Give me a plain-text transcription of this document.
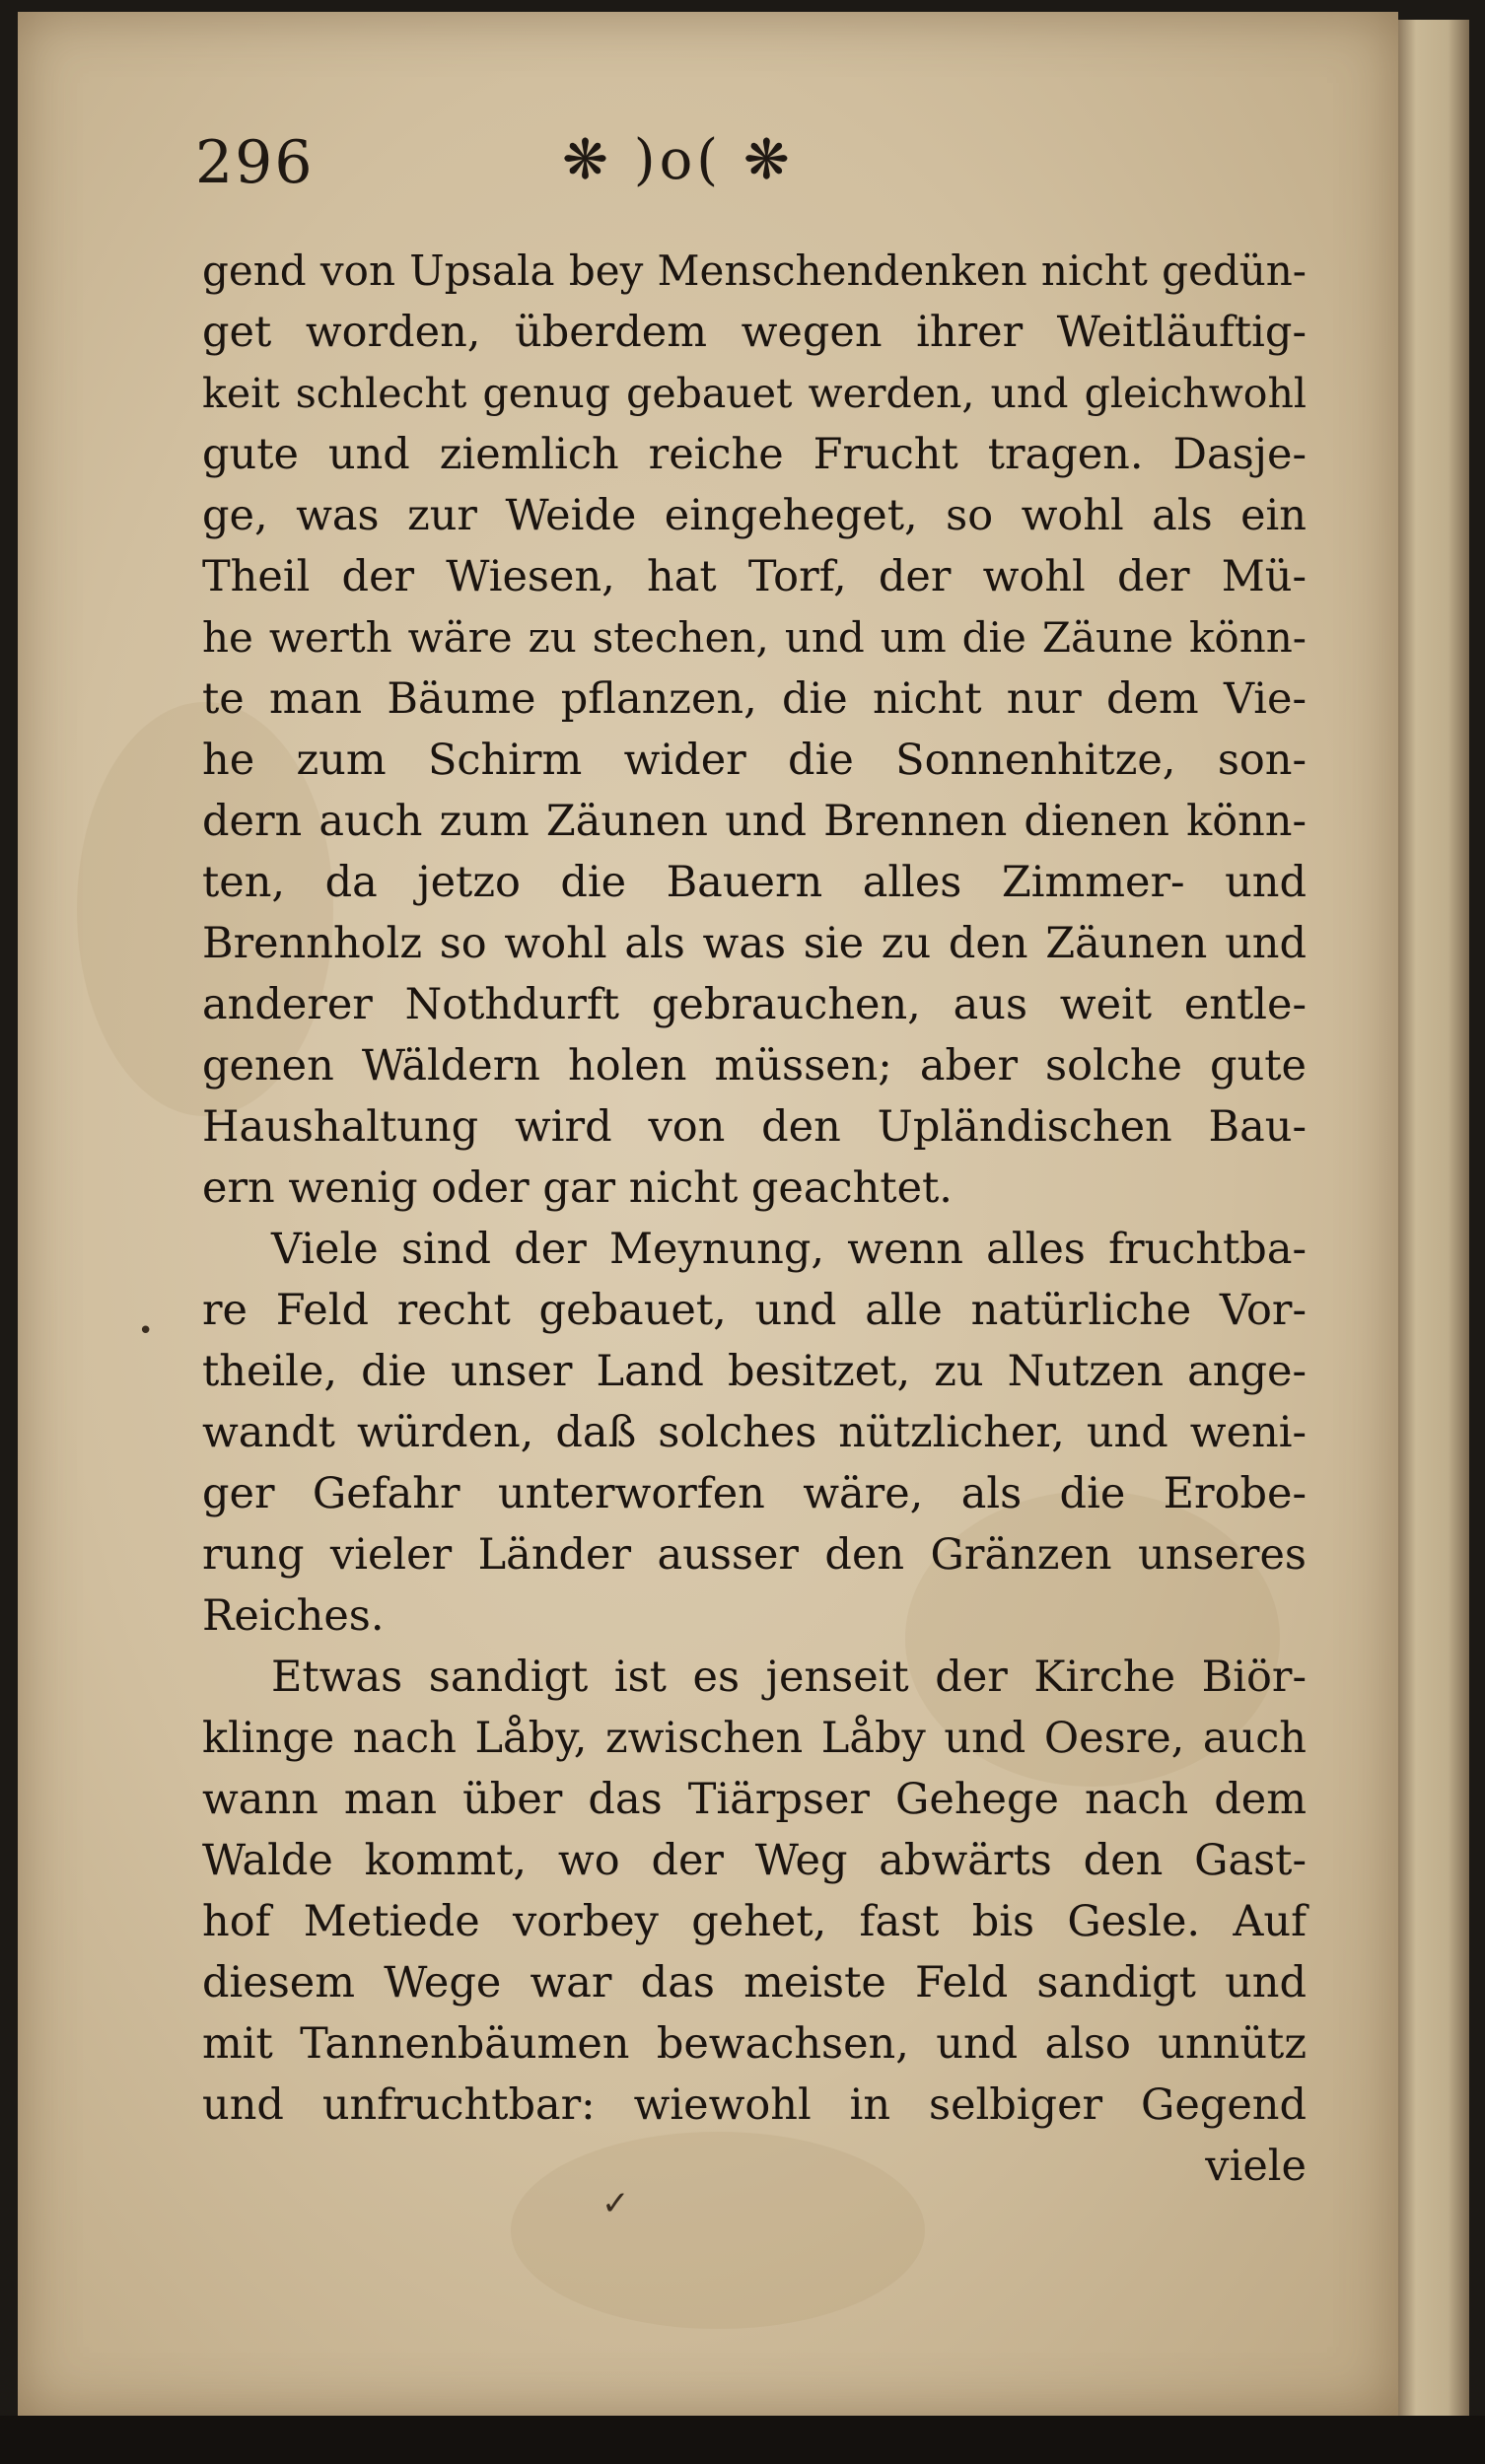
296	❋ )o( ❋
gend von Upsala bey Menschendenken nicht gedün-
get worden, überdem wegen ihrer Weitläuftig-
keit schlecht genug gebauet werden, und gleichwohl
gute und ziemlich reiche Frucht tragen. Dasje-
ge, was zur Weide eingeheget, so wohl als ein
Theil der Wiesen, hat Torf, der wohl der Mü-
he werth wäre zu stechen, und um die Zäune könn-
te man Bäume pflanzen, die nicht nur dem Vie-
he zum Schirm wider die Sonnenhitze, son-
dern auch zum Zäunen und Brennen dienen könn-
ten, da jetzo die Bauern alles Zimmer- und
Brennholz so wohl als was sie zu den Zäunen und
anderer Nothdurft gebrauchen, aus weit entle-
genen Wäldern holen müssen; aber solche gute
Haushaltung wird von den Upländischen Bau-
ern wenig oder gar nicht geachtet.
Viele sind der Meynung, wenn alles fruchtba-
re Feld recht gebauet, und alle natürliche Vor-
theile, die unser Land besitzet, zu Nutzen ange-
wandt würden, daß solches nützlicher, und weni-
ger Gefahr unterworfen wäre, als die Erobe-
rung vieler Länder ausser den Gränzen unseres
Reiches.
Etwas sandigt ist es jenseit der Kirche Biör-
klinge nach Låby, zwischen Låby und Oesre, auch
wann man über das Tiärpser Gehege nach dem
Walde kommt, wo der Weg abwärts den Gast-
hof Metiede vorbey gehet, fast bis Gesle. Auf
diesem Wege war das meiste Feld sandigt und
mit Tannenbäumen bewachsen, und also unnütz
und unfruchtbar: wiewohl in selbiger Gegend
viele
•
✓
